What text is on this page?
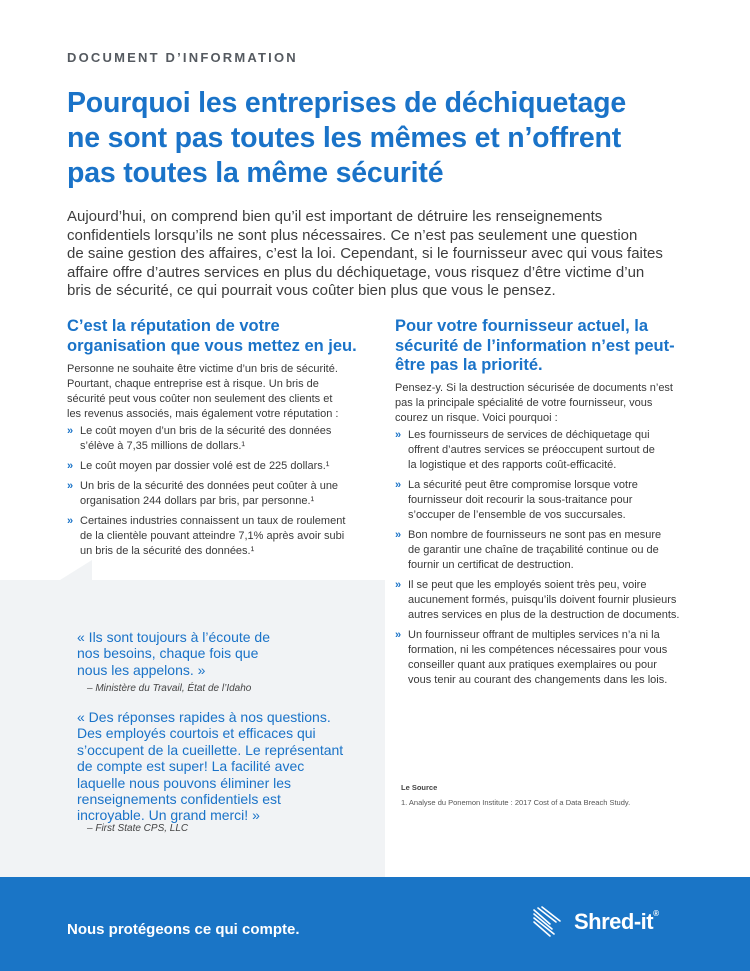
DOCUMENT D’INFORMATION
Pourquoi les entreprises de déchiquetage
ne sont pas toutes les mêmes et n’offrent
pas toutes la même sécurité

Aujourd’hui, on comprend bien qu’il est important de détruire les renseignements
confidentiels lorsqu’ils ne sont plus nécessaires. Ce n’est pas seulement une question
de saine gestion des affaires, c’est la loi. Cependant, si le fournisseur avec qui vous faites
affaire offre d’autres services en plus du déchiquetage, vous risquez d’être victime d’un
bris de sécurité, ce qui pourrait vous coûter bien plus que vous le pensez.

C’est la réputation de votre
organisation que vous mettez en jeu.

Personne ne souhaite être victime d’un bris de sécurité.
Pourtant, chaque entreprise est à risque. Un bris de
sécurité peut vous coûter non seulement des clients et
les revenus associés, mais également votre réputation :

» Le coût moyen d’un bris de la sécurité des données
s’élève à 7,35 millions de dollars.¹
» Le coût moyen par dossier volé est de 225 dollars.¹
» Un bris de la sécurité des données peut coûter à une
organisation 244 dollars par bris, par personne.¹
» Certaines industries connaissent un taux de roulement
de la clientèle pouvant atteindre 7,1% après avoir subi
un bris de la sécurité des données.¹
Pour votre fournisseur actuel, la
sécurité de l’information n’est peut-
être pas la priorité.

Pensez-y. Si la destruction sécurisée de documents n’est
pas la principale spécialité de votre fournisseur, vous
courez un risque. Voici pourquoi :

» Les fournisseurs de services de déchiquetage qui
offrent d’autres services se préoccupent surtout de
la logistique et des rapports coût-efficacité.
» La sécurité peut être compromise lorsque votre
fournisseur doit recourir la sous-traitance pour
s’occuper de l’ensemble de vos succursales.
» Bon nombre de fournisseurs ne sont pas en mesure
de garantir une chaîne de traçabilité continue ou de
fournir un certificat de destruction.
» Il se peut que les employés soient très peu, voire
aucunement formés, puisqu’ils doivent fournir plusieurs
autres services en plus de la destruction de documents.
» Un fournisseur offrant de multiples services n’a ni la
formation, ni les compétences nécessaires pour vous
conseiller quant aux pratiques exemplaires ou pour
vous tenir au courant des changements dans les lois.
« Ils sont toujours à l’écoute de
nos besoins, chaque fois que
nous les appelons. »
– Ministère du Travail, État de l’Idaho
« Des réponses rapides à nos questions.
Des employés courtois et efficaces qui
s’occupent de la cueillette. Le représentant
de compte est super! La facilité avec
laquelle nous pouvons éliminer les
renseignements confidentiels est
incroyable. Un grand merci! »
– First State CPS, LLC
Le Source
1. Analyse du Ponemon Institute : 2017 Cost of a Data Breach Study.
Nous protégeons ce qui compte.	Shred-it®
